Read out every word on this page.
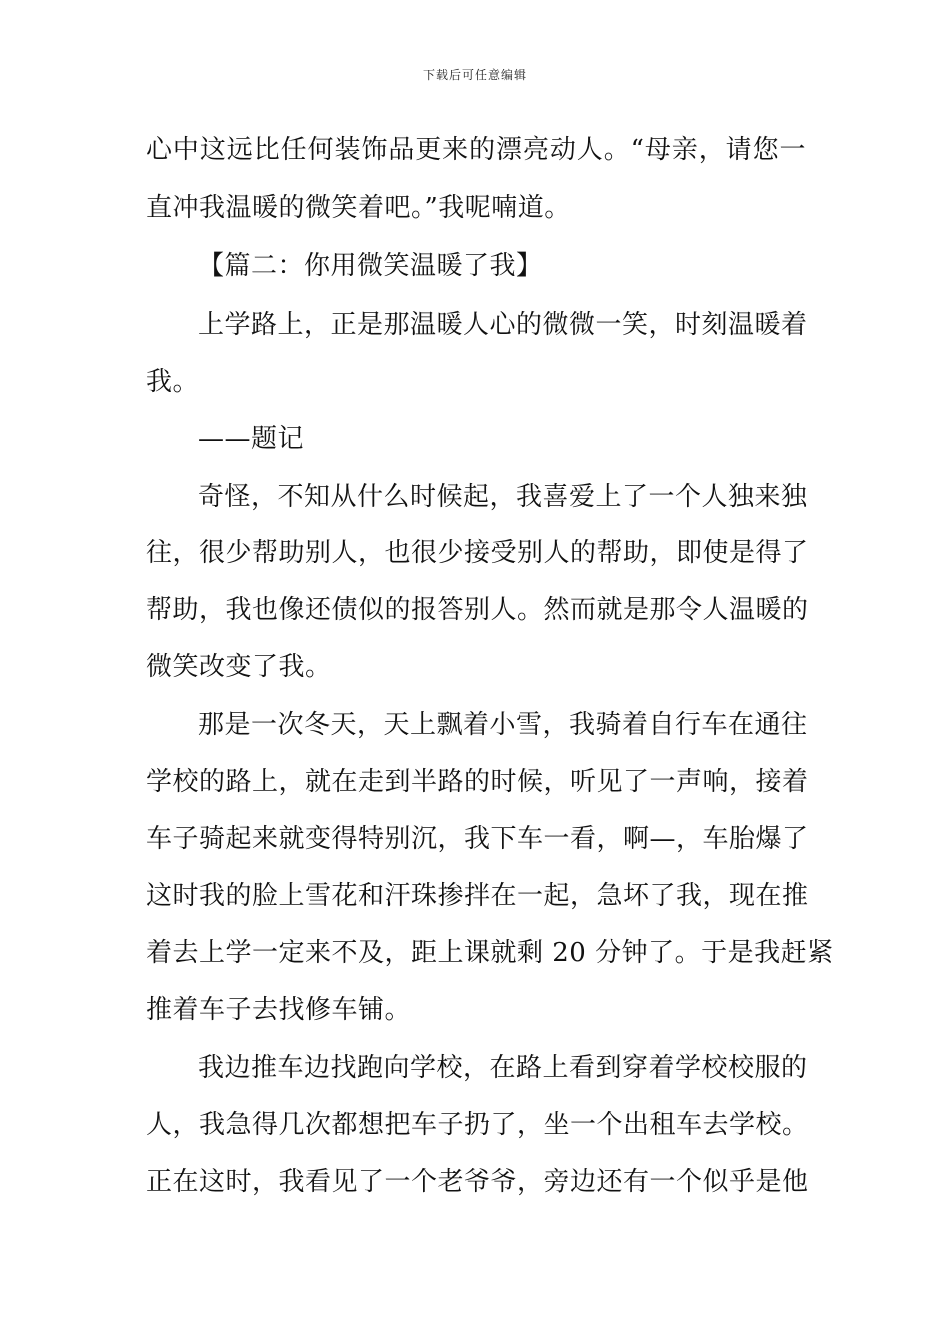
下载后可任意编辑
心中这远比任何装饰品更来的漂亮动人。“母亲，请您一
直冲我温暖的微笑着吧。”我呢喃道。
【篇二：你用微笑温暖了我】
上学路上，正是那温暖人心的微微一笑，时刻温暖着
我。
——题记
奇怪，不知从什么时候起，我喜爱上了一个人独来独
往，很少帮助别人，也很少接受别人的帮助，即使是得了
帮助，我也像还债似的报答别人。然而就是那令人温暖的
微笑改变了我。
那是一次冬天，天上飘着小雪，我骑着自行车在通往
学校的路上，就在走到半路的时候，听见了一声响，接着
车子骑起来就变得特别沉，我下车一看，啊—，车胎爆了
这时我的脸上雪花和汗珠掺拌在一起，急坏了我，现在推
着去上学一定来不及，距上课就剩 20 分钟了。于是我赶紧
推着车子去找修车铺。
我边推车边找跑向学校，在路上看到穿着学校校服的
人，我急得几次都想把车子扔了，坐一个出租车去学校。
正在这时，我看见了一个老爷爷，旁边还有一个似乎是他
